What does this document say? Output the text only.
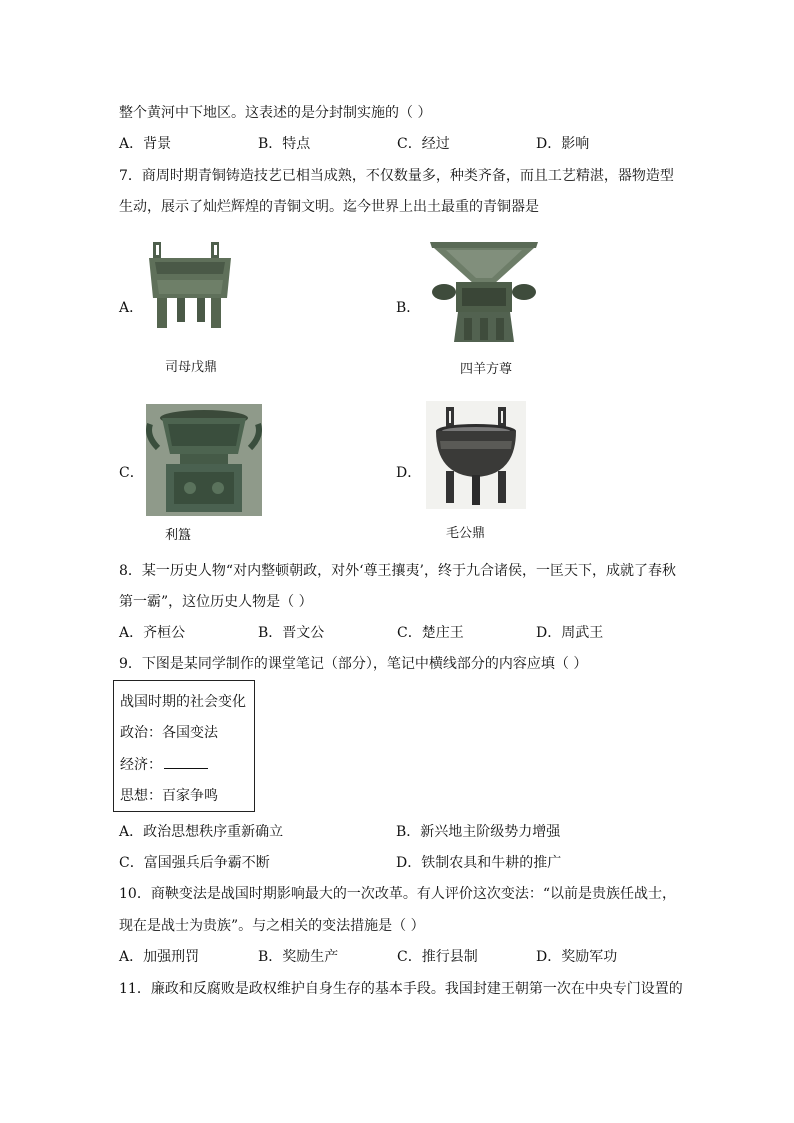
整个黄河中下地区。这表述的是分封制实施的（ ）
A．背景	B．特点	C．经过	D．影响
7．商周时期青铜铸造技艺已相当成熟，不仅数量多，种类齐备，而且工艺精湛，器物造型
生动，展示了灿烂辉煌的青铜文明。迄今世界上出土最重的青铜器是
A．	B．
C．	D．
司母戊鼎	四羊方尊
利簋	毛公鼎
8．某一历史人物“对内整顿朝政，对外‘尊王攘夷’，终于九合诸侯，一匡天下，成就了春秋
第一霸”，这位历史人物是（ ）
A．齐桓公	B．晋文公	C．楚庄王	D．周武王
9．下图是某同学制作的课堂笔记（部分），笔记中横线部分的内容应填（ ）
战国时期的社会变化
政治：各国变法
经济：
思想：百家争鸣
A．政治思想秩序重新确立	B．新兴地主阶级势力增强
C．富国强兵后争霸不断	D．铁制农具和牛耕的推广
10．商鞅变法是战国时期影响最大的一次改革。有人评价这次变法：“以前是贵族任战士，
现在是战士为贵族”。与之相关的变法措施是（ ）
A．加强刑罚	B．奖励生产	C．推行县制	D．奖励军功
11．廉政和反腐败是政权维护自身生存的基本手段。我国封建王朝第一次在中央专门设置的
